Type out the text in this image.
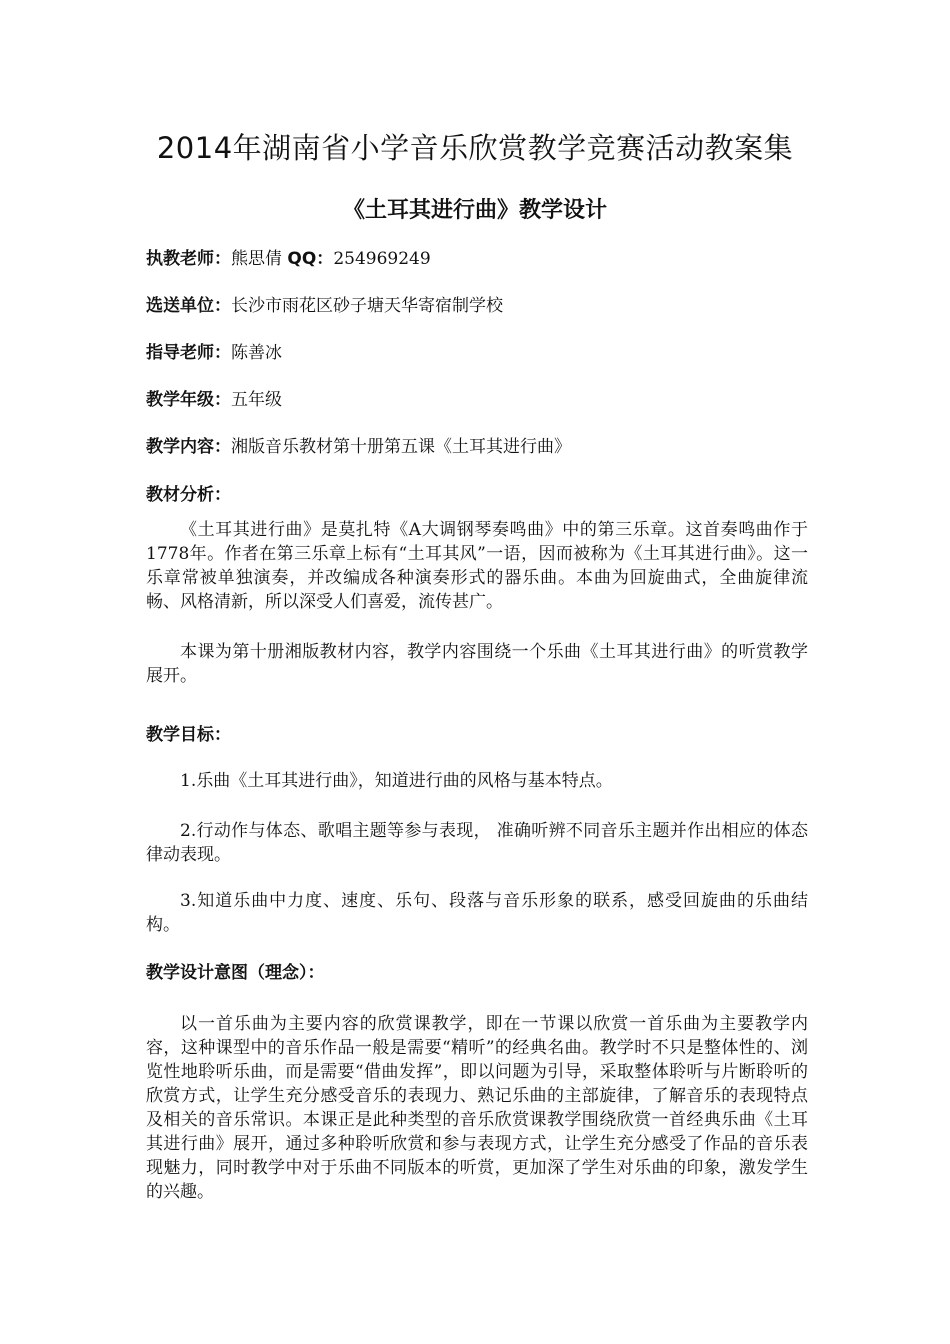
2014年湖南省小学音乐欣赏教学竞赛活动教案集
《土耳其进行曲》教学设计
执教老师：熊思倩 QQ：254969249
选送单位：长沙市雨花区砂子塘天华寄宿制学校
指导老师：陈善冰
教学年级：五年级
教学内容：湘版音乐教材第十册第五课《土耳其进行曲》
教材分析：

《土耳其进行曲》是莫扎特《A大调钢琴奏鸣曲》中的第三乐章。这首奏鸣曲作于1778年。作者在第三乐章上标有“土耳其风”一语，因而被称为《土耳其进行曲》。这一乐章常被单独演奏，并改编成各种演奏形式的器乐曲。本曲为回旋曲式，全曲旋律流畅、风格清新，所以深受人们喜爱，流传甚广。

本课为第十册湘版教材内容，教学内容围绕一个乐曲《土耳其进行曲》的听赏教学展开。

教学目标：

1.乐曲《土耳其进行曲》，知道进行曲的风格与基本特点。

2.行动作与体态、歌唱主题等参与表现， 准确听辨不同音乐主题并作出相应的体态律动表现。

3.知道乐曲中力度、速度、乐句、段落与音乐形象的联系，感受回旋曲的乐曲结构。

教学设计意图（理念）：

以一首乐曲为主要内容的欣赏课教学，即在一节课以欣赏一首乐曲为主要教学内容，这种课型中的音乐作品一般是需要“精听”的经典名曲。教学时不只是整体性的、浏览性地聆听乐曲，而是需要“借曲发挥”，即以问题为引导，采取整体聆听与片断聆听的欣赏方式，让学生充分感受音乐的表现力、熟记乐曲的主部旋律，了解音乐的表现特点及相关的音乐常识。本课正是此种类型的音乐欣赏课教学围绕欣赏一首经典乐曲《土耳其进行曲》展开，通过多种聆听欣赏和参与表现方式，让学生充分感受了作品的音乐表现魅力，同时教学中对于乐曲不同版本的听赏，更加深了学生对乐曲的印象，激发学生的兴趣。
